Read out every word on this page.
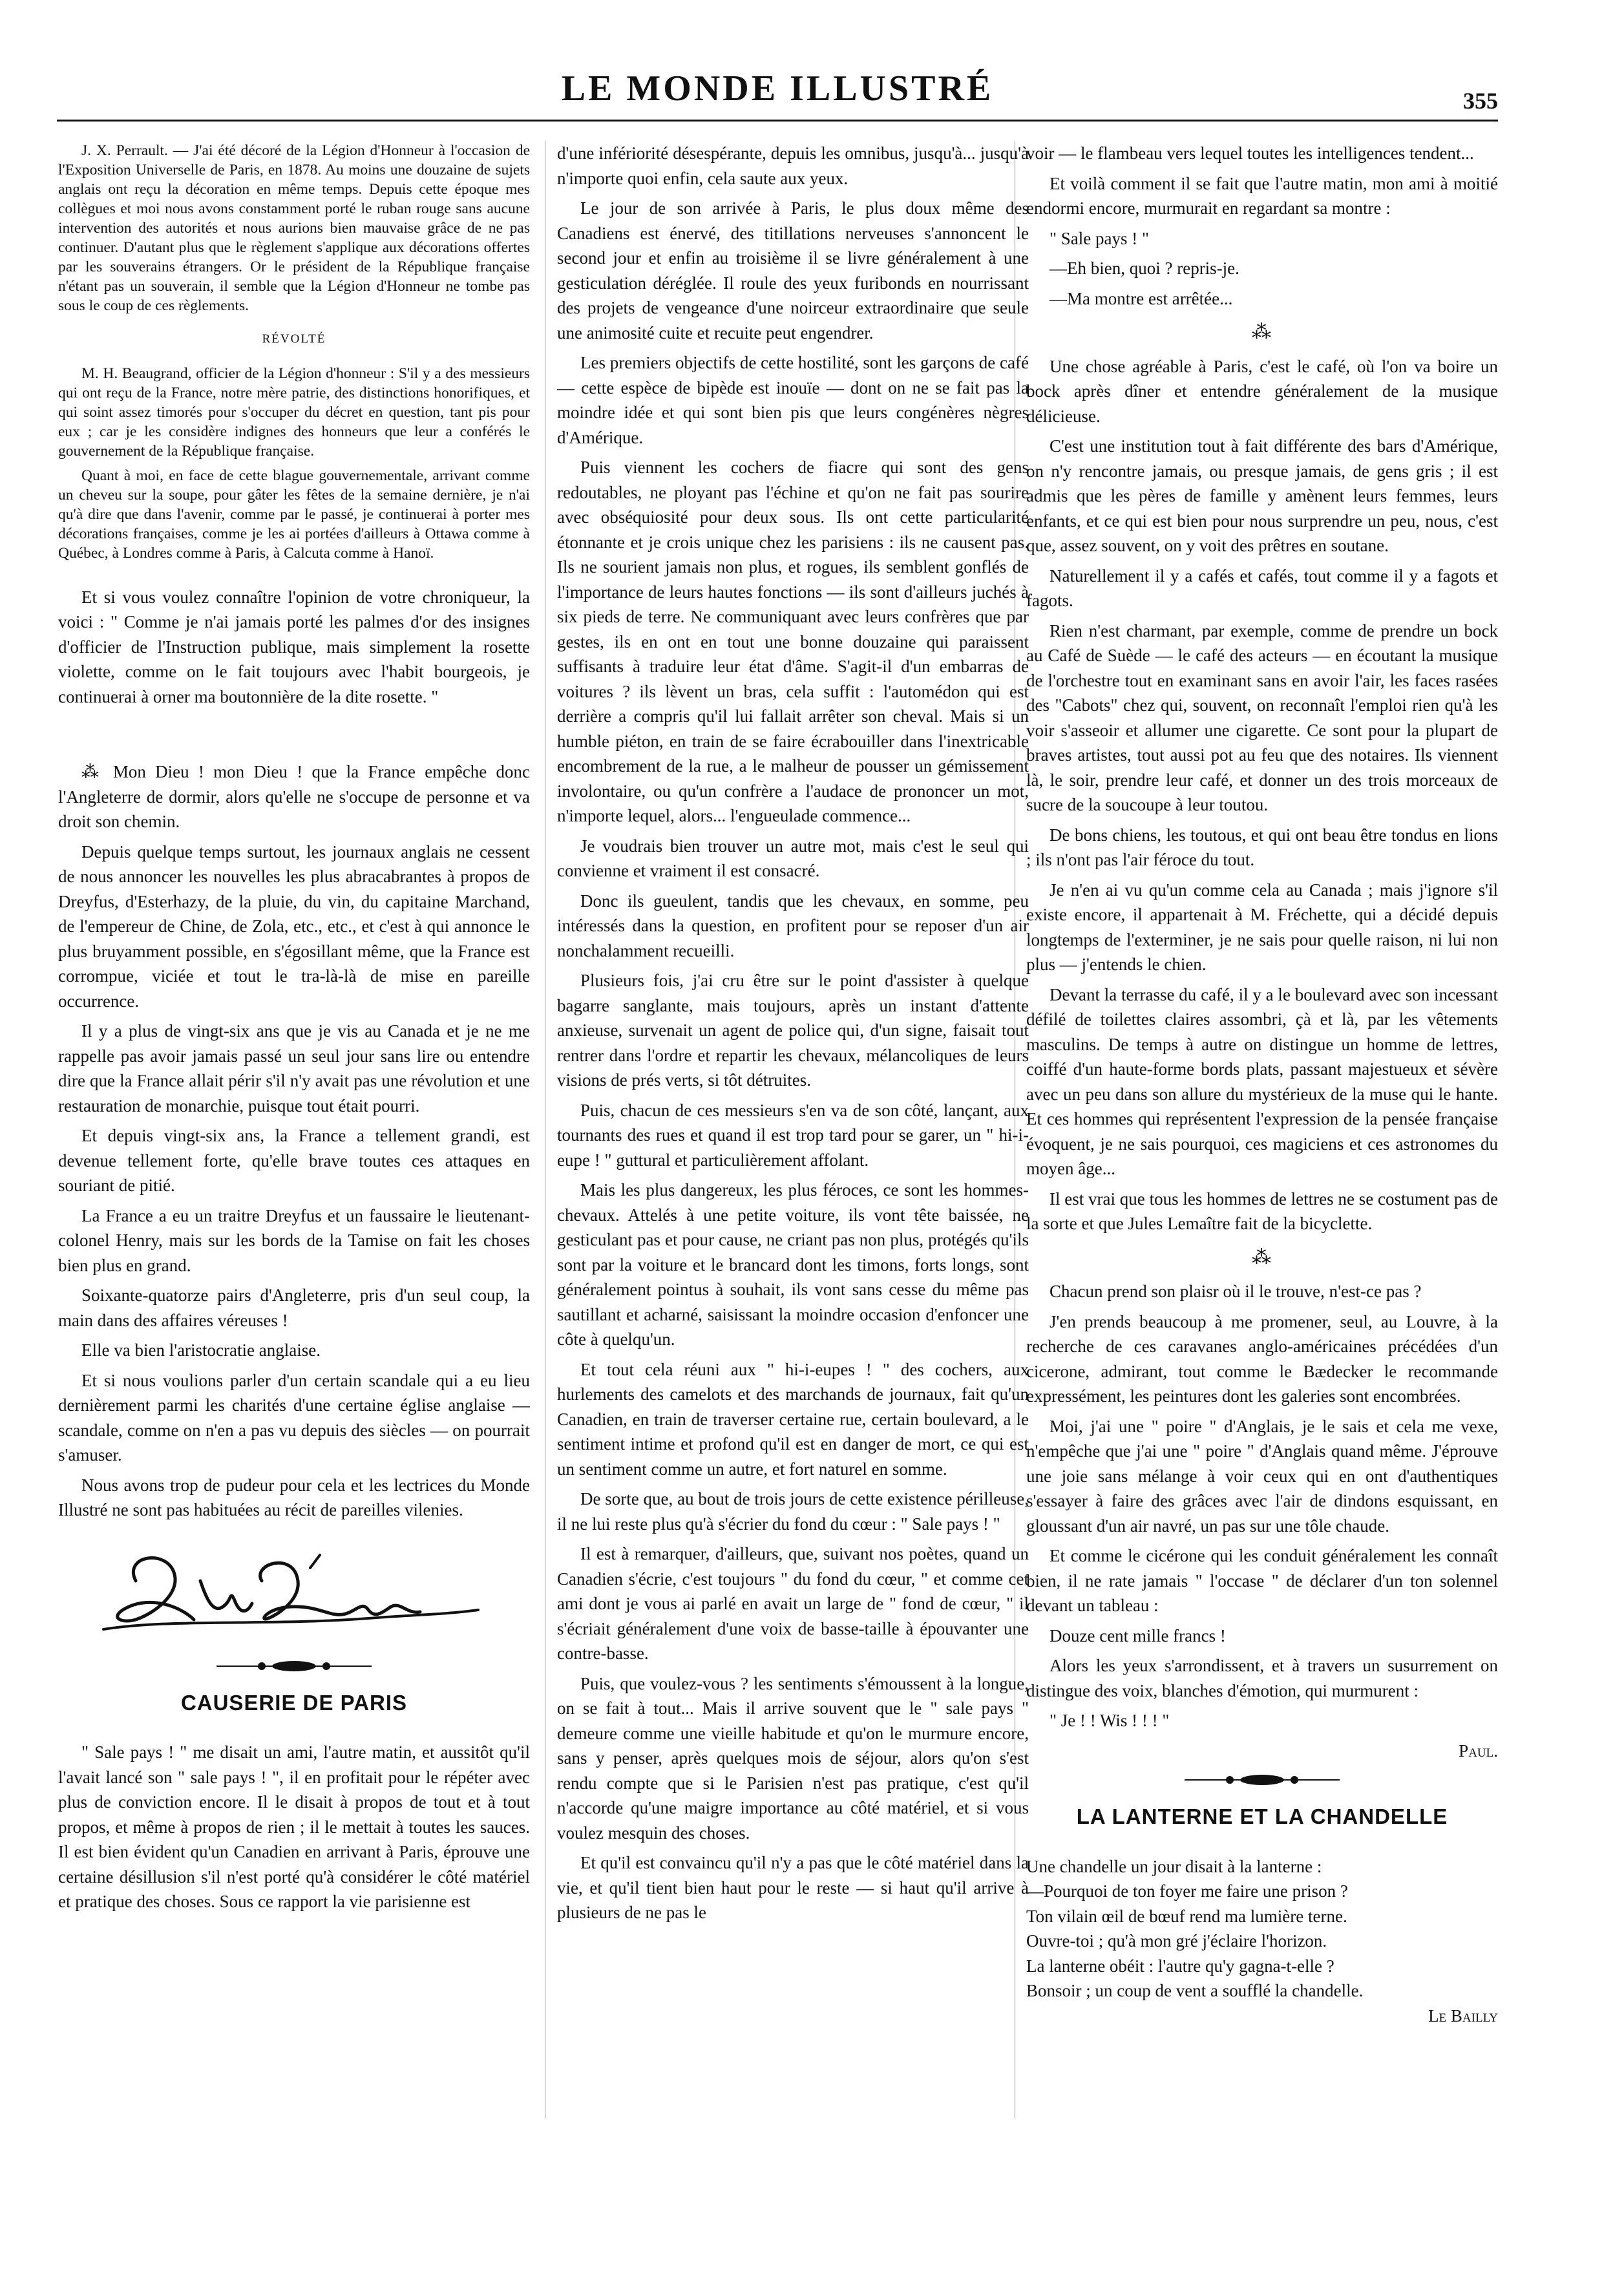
LE MONDE ILLUSTRÉ	355

J. X. Perrault. — J'ai été décoré de la Légion d'Honneur à l'occasion de l'Exposition Universelle de Paris, en 1878. Au moins une douzaine de sujets anglais ont reçu la décoration en même temps. Depuis cette époque mes collègues et moi nous avons constamment porté le ruban rouge sans aucune intervention des autorités et nous aurions bien mauvaise grâce de ne pas continuer. D'autant plus que le règlement s'applique aux décorations offertes par les souverains étrangers. Or le président de la République française n'étant pas un souverain, il semble que la Légion d'Honneur ne tombe pas sous le coup de ces règlements.

RÉVOLTÉ

M. H. Beaugrand, officier de la Légion d'honneur : S'il y a des messieurs qui ont reçu de la France, notre mère patrie, des distinctions honorifiques, et qui soint assez timorés pour s'occuper du décret en question, tant pis pour eux ; car je les considère indignes des honneurs que leur a conférés le gouvernement de la République française.

Quant à moi, en face de cette blague gouvernementale, arrivant comme un cheveu sur la soupe, pour gâter les fêtes de la semaine dernière, je n'ai qu'à dire que dans l'avenir, comme par le passé, je continuerai à porter mes décorations françaises, comme je les ai portées d'ailleurs à Ottawa comme à Québec, à Londres comme à Paris, à Calcuta comme à Hanoï.

Et si vous voulez connaître l'opinion de votre chroniqueur, la voici : " Comme je n'ai jamais porté les palmes d'or des insignes d'officier de l'Instruction publique, mais simplement la rosette violette, comme on le fait toujours avec l'habit bourgeois, je continuerai à orner ma boutonnière de la dite rosette. "

⁂ Mon Dieu ! mon Dieu ! que la France empêche donc l'Angleterre de dormir, alors qu'elle ne s'occupe de personne et va droit son chemin.

Depuis quelque temps surtout, les journaux anglais ne cessent de nous annoncer les nouvelles les plus abracabrantes à propos de Dreyfus, d'Esterhazy, de la pluie, du vin, du capitaine Marchand, de l'empereur de Chine, de Zola, etc., etc., et c'est à qui annonce le plus bruyamment possible, en s'égosillant même, que la France est corrompue, viciée et tout le tra-là-là de mise en pareille occurrence.

Il y a plus de vingt-six ans que je vis au Canada et je ne me rappelle pas avoir jamais passé un seul jour sans lire ou entendre dire que la France allait périr s'il n'y avait pas une révolution et une restauration de monarchie, puisque tout était pourri.

Et depuis vingt-six ans, la France a tellement grandi, est devenue tellement forte, qu'elle brave toutes ces attaques en souriant de pitié.

La France a eu un traitre Dreyfus et un faussaire le lieutenant-colonel Henry, mais sur les bords de la Tamise on fait les choses bien plus en grand.

Soixante-quatorze pairs d'Angleterre, pris d'un seul coup, la main dans des affaires véreuses !

Elle va bien l'aristocratie anglaise.

Et si nous voulions parler d'un certain scandale qui a eu lieu dernièrement parmi les charités d'une certaine église anglaise — scandale, comme on n'en a pas vu depuis des siècles — on pourrait s'amuser.

Nous avons trop de pudeur pour cela et les lectrices du Monde Illustré ne sont pas habituées au récit de pareilles vilenies.

CAUSERIE DE PARIS

" Sale pays ! " me disait un ami, l'autre matin, et aussitôt qu'il l'avait lancé son " sale pays ! ", il en profitait pour le répéter avec plus de conviction encore. Il le disait à propos de tout et à tout propos, et même à propos de rien ; il le mettait à toutes les sauces. Il est bien évident qu'un Canadien en arrivant à Paris, éprouve une certaine désillusion s'il n'est porté qu'à considérer le côté matériel et pratique des choses. Sous ce rapport la vie parisienne est

d'une infériorité désespérante, depuis les omnibus, jusqu'à... jusqu'à n'importe quoi enfin, cela saute aux yeux.

Le jour de son arrivée à Paris, le plus doux même des Canadiens est énervé, des titillations nerveuses s'annoncent le second jour et enfin au troisième il se livre généralement à une gesticulation déréglée. Il roule des yeux furibonds en nourrissant des projets de vengeance d'une noirceur extraordinaire que seule une animosité cuite et recuite peut engendrer.

Les premiers objectifs de cette hostilité, sont les garçons de café — cette espèce de bipède est inouïe — dont on ne se fait pas la moindre idée et qui sont bien pis que leurs congénères nègres d'Amérique.

Puis viennent les cochers de fiacre qui sont des gens redoutables, ne ployant pas l'échine et qu'on ne fait pas sourire avec obséquiosité pour deux sous. Ils ont cette particularité étonnante et je crois unique chez les parisiens : ils ne causent pas. Ils ne sourient jamais non plus, et rogues, ils semblent gonflés de l'importance de leurs hautes fonctions — ils sont d'ailleurs juchés à six pieds de terre. Ne communiquant avec leurs confrères que par gestes, ils en ont en tout une bonne douzaine qui paraissent suffisants à traduire leur état d'âme. S'agit-il d'un embarras de voitures ? ils lèvent un bras, cela suffit : l'automédon qui est derrière a compris qu'il lui fallait arrêter son cheval. Mais si un humble piéton, en train de se faire écrabouiller dans l'inextricable encombrement de la rue, a le malheur de pousser un gémissement involontaire, ou qu'un confrère a l'audace de prononcer un mot, n'importe lequel, alors... l'engueulade commence...

Je voudrais bien trouver un autre mot, mais c'est le seul qui convienne et vraiment il est consacré.

Donc ils gueulent, tandis que les chevaux, en somme, peu intéressés dans la question, en profitent pour se reposer d'un air nonchalamment recueilli.

Plusieurs fois, j'ai cru être sur le point d'assister à quelque bagarre sanglante, mais toujours, après un instant d'attente anxieuse, survenait un agent de police qui, d'un signe, faisait tout rentrer dans l'ordre et repartir les chevaux, mélancoliques de leurs visions de prés verts, si tôt détruites.

Puis, chacun de ces messieurs s'en va de son côté, lançant, aux tournants des rues et quand il est trop tard pour se garer, un " hi-i-eupe ! " guttural et particulièrement affolant.

Mais les plus dangereux, les plus féroces, ce sont les hommes-chevaux. Attelés à une petite voiture, ils vont tête baissée, ne gesticulant pas et pour cause, ne criant pas non plus, protégés qu'ils sont par la voiture et le brancard dont les timons, forts longs, sont généralement pointus à souhait, ils vont sans cesse du même pas sautillant et acharné, saisissant la moindre occasion d'enfoncer une côte à quelqu'un.

Et tout cela réuni aux " hi-i-eupes ! " des cochers, aux hurlements des camelots et des marchands de journaux, fait qu'un Canadien, en train de traverser certaine rue, certain boulevard, a le sentiment intime et profond qu'il est en danger de mort, ce qui est un sentiment comme un autre, et fort naturel en somme.

De sorte que, au bout de trois jours de cette existence périlleuse, il ne lui reste plus qu'à s'écrier du fond du cœur : " Sale pays ! "

Il est à remarquer, d'ailleurs, que, suivant nos poètes, quand un Canadien s'écrie, c'est toujours " du fond du cœur, " et comme cet ami dont je vous ai parlé en avait un large de " fond de cœur, " il s'écriait généralement d'une voix de basse-taille à épouvanter une contre-basse.

Puis, que voulez-vous ? les sentiments s'émoussent à la longue, on se fait à tout... Mais il arrive souvent que le " sale pays " demeure comme une vieille habitude et qu'on le murmure encore, sans y penser, après quelques mois de séjour, alors qu'on s'est rendu compte que si le Parisien n'est pas pratique, c'est qu'il n'accorde qu'une maigre importance au côté matériel, et si vous voulez mesquin des choses.

Et qu'il est convaincu qu'il n'y a pas que le côté matériel dans la vie, et qu'il tient bien haut pour le reste — si haut qu'il arrive à plusieurs de ne pas le

voir — le flambeau vers lequel toutes les intelligences tendent...

Et voilà comment il se fait que l'autre matin, mon ami à moitié endormi encore, murmurait en regardant sa montre :

" Sale pays ! "

—Eh bien, quoi ? repris-je.

—Ma montre est arrêtée...

⁂

Une chose agréable à Paris, c'est le café, où l'on va boire un bock après dîner et entendre généralement de la musique délicieuse.

C'est une institution tout à fait différente des bars d'Amérique, on n'y rencontre jamais, ou presque jamais, de gens gris ; il est admis que les pères de famille y amènent leurs femmes, leurs enfants, et ce qui est bien pour nous surprendre un peu, nous, c'est que, assez souvent, on y voit des prêtres en soutane.

Naturellement il y a cafés et cafés, tout comme il y a fagots et fagots.

Rien n'est charmant, par exemple, comme de prendre un bock au Café de Suède — le café des acteurs — en écoutant la musique de l'orchestre tout en examinant sans en avoir l'air, les faces rasées des "Cabots" chez qui, souvent, on reconnaît l'emploi rien qu'à les voir s'asseoir et allumer une cigarette. Ce sont pour la plupart de braves artistes, tout aussi pot au feu que des notaires. Ils viennent là, le soir, prendre leur café, et donner un des trois morceaux de sucre de la soucoupe à leur toutou.

De bons chiens, les toutous, et qui ont beau être tondus en lions ; ils n'ont pas l'air féroce du tout.

Je n'en ai vu qu'un comme cela au Canada ; mais j'ignore s'il existe encore, il appartenait à M. Fréchette, qui a décidé depuis longtemps de l'exterminer, je ne sais pour quelle raison, ni lui non plus — j'entends le chien.

Devant la terrasse du café, il y a le boulevard avec son incessant défilé de toilettes claires assombri, çà et là, par les vêtements masculins. De temps à autre on distingue un homme de lettres, coiffé d'un haute-forme bords plats, passant majestueux et sévère avec un peu dans son allure du mystérieux de la muse qui le hante. Et ces hommes qui représentent l'expression de la pensée française évoquent, je ne sais pourquoi, ces magiciens et ces astronomes du moyen âge...

Il est vrai que tous les hommes de lettres ne se costument pas de la sorte et que Jules Lemaître fait de la bicyclette.

⁂

Chacun prend son plaisr où il le trouve, n'est-ce pas ?

J'en prends beaucoup à me promener, seul, au Louvre, à la recherche de ces caravanes anglo-américaines précédées d'un cicerone, admirant, tout comme le Bædecker le recommande expressément, les peintures dont les galeries sont encombrées.

Moi, j'ai une " poire " d'Anglais, je le sais et cela me vexe, n'empêche que j'ai une " poire " d'Anglais quand même. J'éprouve une joie sans mélange à voir ceux qui en ont d'authentiques s'essayer à faire des grâces avec l'air de dindons esquissant, en gloussant d'un air navré, un pas sur une tôle chaude.

Et comme le cicérone qui les conduit généralement les connaît bien, il ne rate jamais " l'occase " de déclarer d'un ton solennel devant un tableau :

Douze cent mille francs !

Alors les yeux s'arrondissent, et à travers un susurrement on distingue des voix, blanches d'émotion, qui murmurent :

" Je ! ! Wis ! ! ! "

Paul.

LA LANTERNE ET LA CHANDELLE

Une chandelle un jour disait à la lanterne :

—Pourquoi de ton foyer me faire une prison ?

Ton vilain œil de bœuf rend ma lumière terne.

Ouvre-toi ; qu'à mon gré j'éclaire l'horizon.

La lanterne obéit : l'autre qu'y gagna-t-elle ?

Bonsoir ; un coup de vent a soufflé la chandelle.

Le Bailly
